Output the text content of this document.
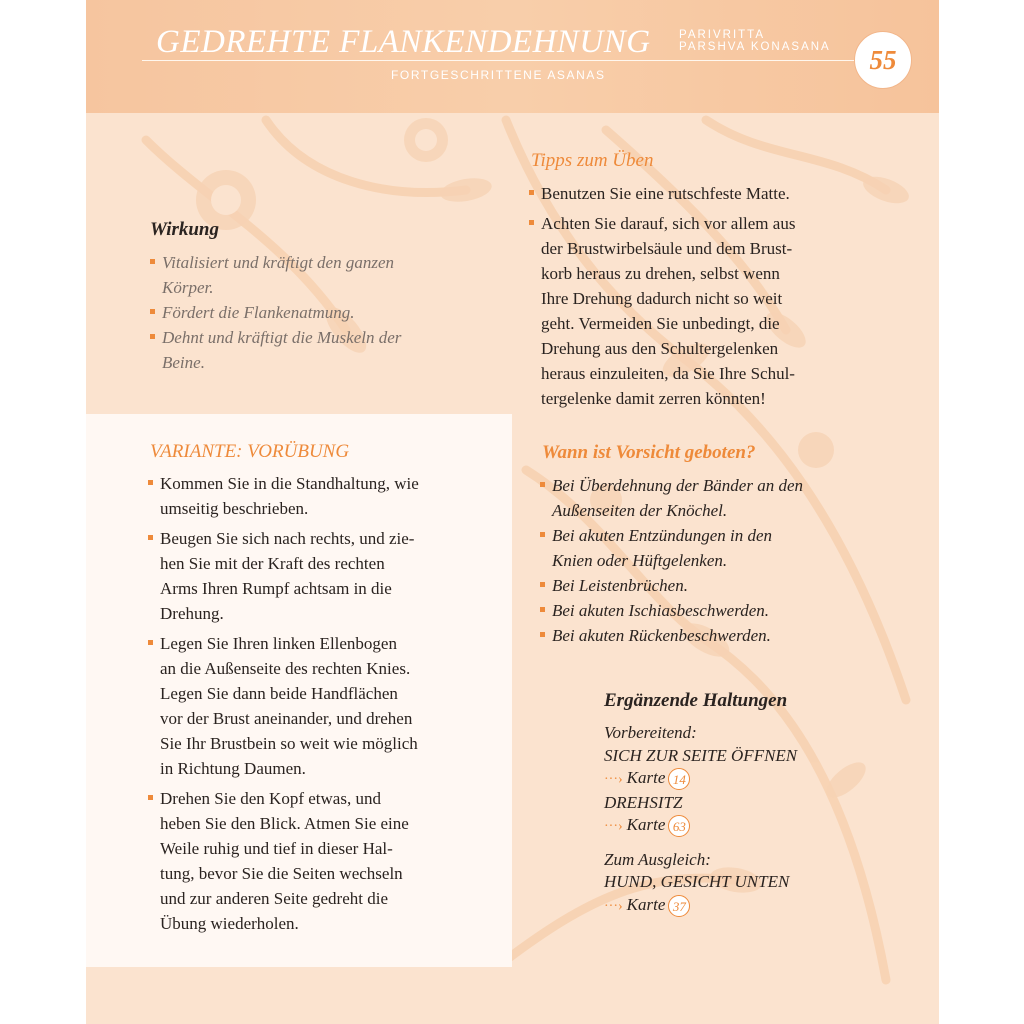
GEDREHTE FLANKENDEHNUNG PARIVRITTA
PARSHVA KONASANA
FORTGESCHRITTENE ASANAS
55
Wirkung
Vitalisiert und kräftigt den ganzen
Körper.
Fördert die Flankenatmung.
Dehnt und kräftigt die Muskeln der
Beine.
VARIANTE: VORÜBUNG
Kommen Sie in die Standhaltung, wie
umseitig beschrieben.
Beugen Sie sich nach rechts, und zie-
hen Sie mit der Kraft des rechten
Arms Ihren Rumpf achtsam in die
Drehung.
Legen Sie Ihren linken Ellenbogen
an die Außenseite des rechten Knies.
Legen Sie dann beide Handflächen
vor der Brust aneinander, und drehen
Sie Ihr Brustbein so weit wie möglich
in Richtung Daumen.
Drehen Sie den Kopf etwas, und
heben Sie den Blick. Atmen Sie eine
Weile ruhig und tief in dieser Hal-
tung, bevor Sie die Seiten wechseln
und zur anderen Seite gedreht die
Übung wiederholen.
Tipps zum Üben
Benutzen Sie eine rutschfeste Matte.
Achten Sie darauf, sich vor allem aus
der Brustwirbelsäule und dem Brust-
korb heraus zu drehen, selbst wenn
Ihre Drehung dadurch nicht so weit
geht. Vermeiden Sie unbedingt, die
Drehung aus den Schultergelenken
heraus einzuleiten, da Sie Ihre Schul-
tergelenke damit zerren könnten!
Wann ist Vorsicht geboten?
Bei Überdehnung der Bänder an den
Außenseiten der Knöchel.
Bei akuten Entzündungen in den
Knien oder Hüftgelenken.
Bei Leistenbrüchen.
Bei akuten Ischiasbeschwerden.
Bei akuten Rückenbeschwerden.
Ergänzende Haltungen
Vorbereitend:
SICH ZUR SEITE ÖFFNEN
···› Karte 14
DREHSITZ
···› Karte 63
Zum Ausgleich:
HUND, GESICHT UNTEN
···› Karte 37
